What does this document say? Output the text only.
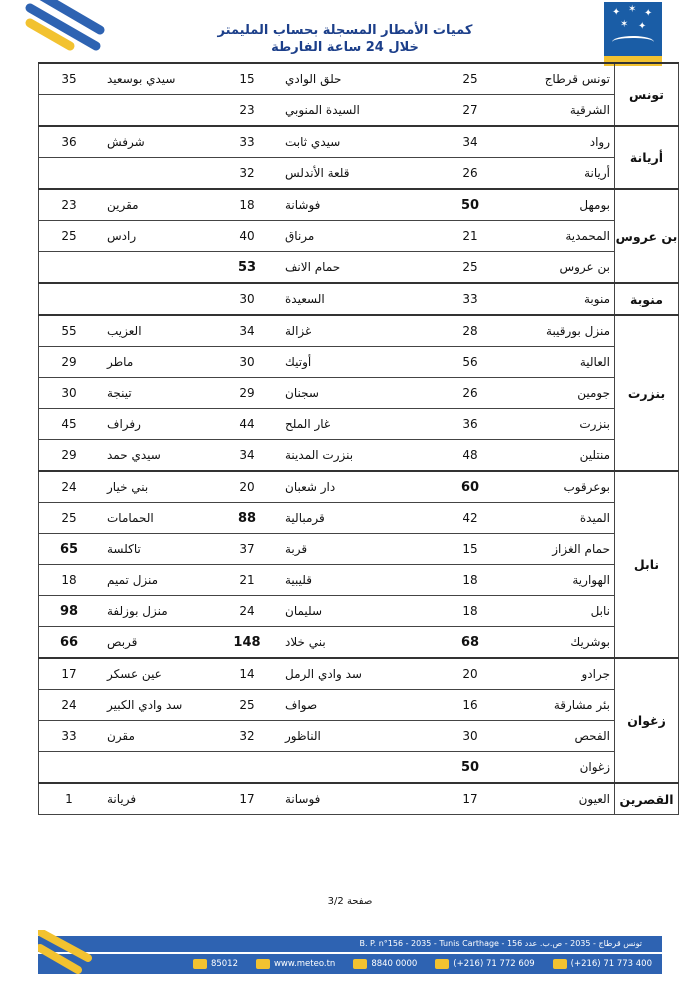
كميات الأمطار المسجلة بحساب المليمتر
خلال 24 ساعة الفارطة
✦ ✶ ✦
✶ ✦
تونس	تونس قرطاج	25	حلق الوادي	15	سيدي بوسعيد	35
	الشرقية	27	السيدة المنوبي	23		
أريانة	رواد	34	سيدي ثابت	33	شرفش	36
	أريانة	26	قلعة الأندلس	32		
بن عروس	بومهل	50	فوشانة	18	مقرين	23
	المحمدية	21	مرناق	40	رادس	25
	بن عروس	25	حمام الانف	53		
منوبة	منوبة	33	السعيدة	30		
بنزرت	منزل بورقيبة	28	غزالة	34	العزيب	55
	العالية	56	أوتيك	30	ماطر	29
	جومين	26	سجنان	29	تينجة	30
	بنزرت	36	غار الملح	44	رفراف	45
	منتلين	48	بنزرت المدينة	34	سيدي حمد	29
نابل	بوعرقوب	60	دار شعبان	20	بني خيار	24
	الميدة	42	قرمبالية	88	الحمامات	25
	حمام الغزاز	15	قربة	37	تاكلسة	65
	الهوارية	18	قليبية	21	منزل تميم	18
	نابل	18	سليمان	24	منزل بوزلفة	98
	بوشريك	68	بني خلاد	148	قربص	66
زغوان	جرادو	20	سد وادي الرمل	14	عين عسكر	17
	بئر مشارقة	16	صواف	25	سد وادي الكبير	24
	الفحص	30	الناظور	32	مقرن	33
	زغوان	50				
القصرين	العيون	17	فوسانة	17	فريانة	1
صفحة 3/2
B. P. n°156 - 2035 - Tunis Carthage - تونس قرطاج - 2035 - ص.ب. عدد 156
85012	www.meteo.tn	8840 0000	(+216) 71 772 609	(+216) 71 773 400
